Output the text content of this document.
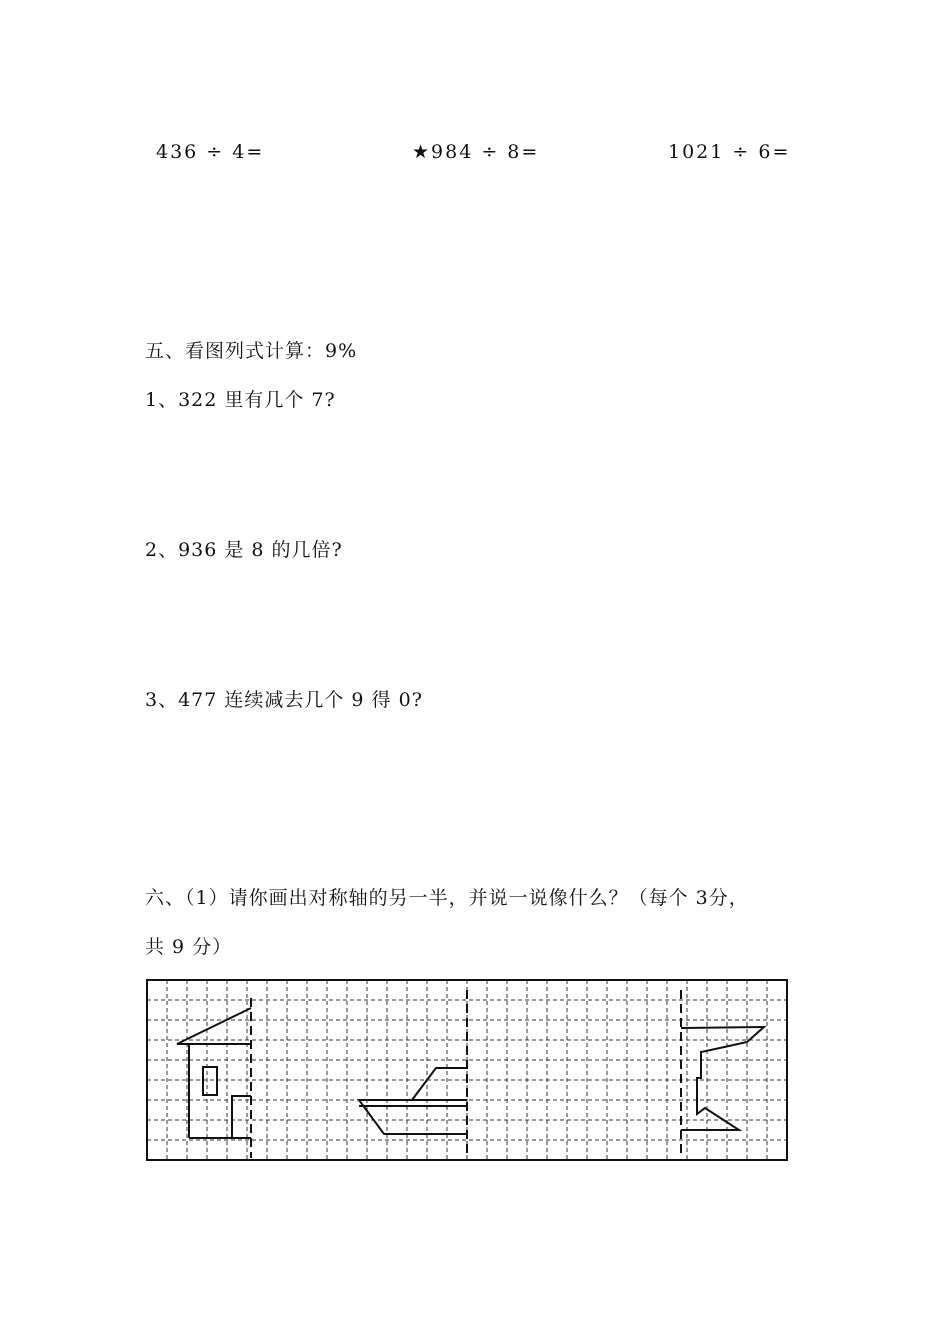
436 ÷ 4=	★984 ÷ 8=	1021 ÷ 6=
五、看图列式计算：9%
1、322 里有几个 7?
2、936 是 8 的几倍?
3、477 连续减去几个 9 得 0?
六、（1）请你画出对称轴的另一半，并说一说像什么？（每个 3分，
共 9 分）
